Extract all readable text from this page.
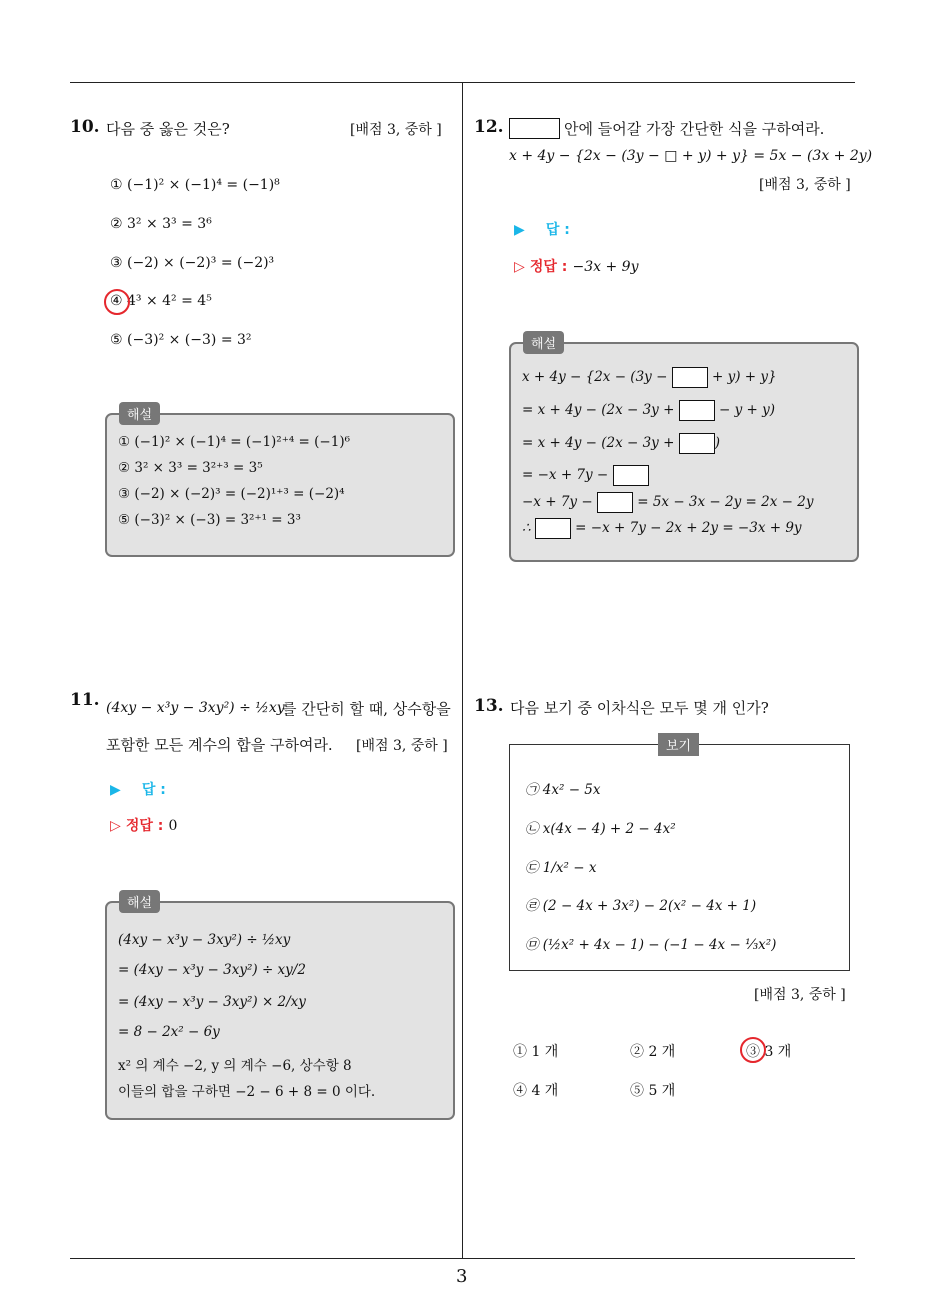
10. 다음 중 옳은 것은?	[배점 3, 중하 ]
① (−1)² × (−1)⁴ = (−1)⁸
② 3² × 3³ = 3⁶
③ (−2) × (−2)³ = (−2)³
④ 4³ × 4² = 4⁵
⑤ (−3)² × (−3) = 3²
해설
① (−1)² × (−1)⁴ = (−1)²⁺⁴ = (−1)⁶
② 3² × 3³ = 3²⁺³ = 3⁵
③ (−2) × (−2)³ = (−2)¹⁺³ = (−2)⁴
⑤ (−3)² × (−3) = 3²⁺¹ = 3³
11. (4xy − x³y − 3xy²) ÷ ½xy
를 간단히 할 때, 상수항을
포함한 모든 계수의 합을 구하여라. [배점 3, 중하 ]
▶ 답 :
▷ 정답 : 0
해설
(4xy − x³y − 3xy²) ÷ ½xy
= (4xy − x³y − 3xy²) ÷ xy/2
= (4xy − x³y − 3xy²) × 2/xy
= 8 − 2x² − 6y
x² 의 계수 −2, y 의 계수 −6, 상수항 8
이들의 합을 구하면 −2 − 6 + 8 = 0 이다.
12.	안에 들어갈 가장 간단한 식을 구하여라.
x + 4y − {2x − (3y − □ + y) + y} = 5x − (3x + 2y)
[배점 3, 중하 ]
▶ 답 :
▷ 정답 : −3x + 9y
해설
x + 4y − {2x − (3y −	+ y) + y}
= x + 4y − (2x − 3y +	− y + y)
= x + 4y − (2x − 3y +	)
= −x + 7y −
−x + 7y −	= 5x − 3x − 2y = 2x − 2y
∴	= −x + 7y − 2x + 2y = −3x + 9y
13. 다음 보기 중 이차식은 모두 몇 개 인가?
보기
㉠ 4x² − 5x
㉡ x(4x − 4) + 2 − 4x²
㉢ 1/x² − x
㉣ (2 − 4x + 3x²) − 2(x² − 4x + 1)
㉤ (½x² + 4x − 1) − (−1 − 4x − ⅓x²)
[배점 3, 중하 ]
① 1 개	② 2 개	③ 3 개
④ 4 개	⑤ 5 개
3
